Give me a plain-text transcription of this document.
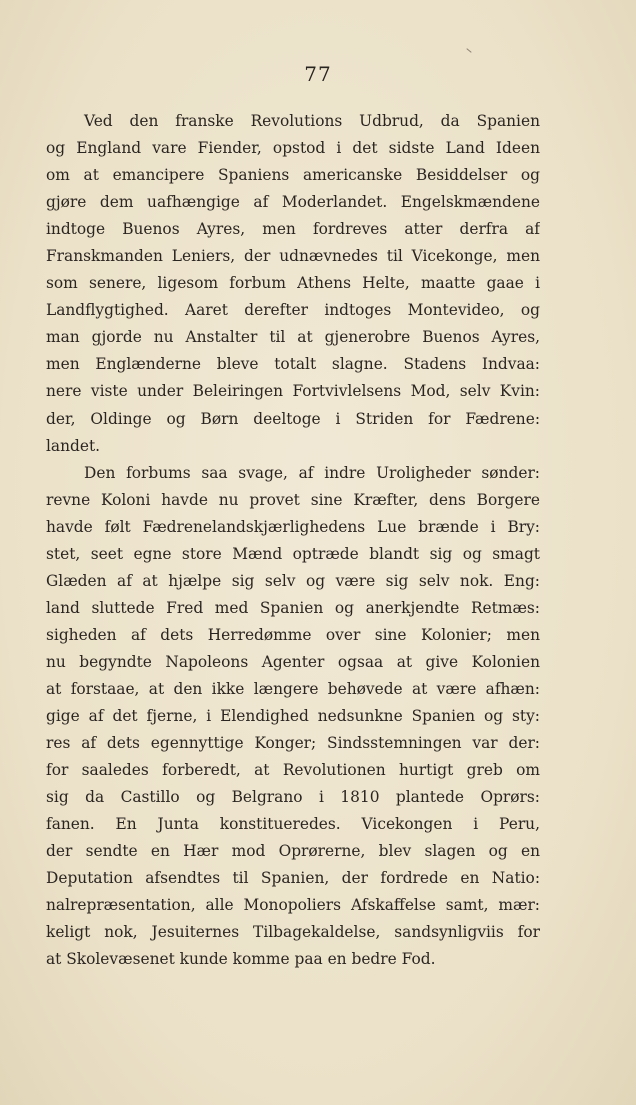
77
Ved den franske Revolutions Udbrud, da Spanien
og England vare Fiender, opstod i det sidste Land Ideen
om at emancipere Spaniens americanske Besiddelser og
gjøre dem uafhængige af Moderlandet. Engelskmændene
indtoge Buenos Ayres, men fordreves atter derfra af
Franskmanden Leniers, der udnævnedes til Vicekonge, men
som senere, ligesom forbum Athens Helte, maatte gaae i
Landflygtighed. Aaret derefter indtoges Montevideo, og
man gjorde nu Anstalter til at gjenerobre Buenos Ayres,
men Englænderne bleve totalt slagne. Stadens Indvaa:
nere viste under Beleiringen Fortvivlelsens Mod, selv Kvin:
der, Oldinge og Børn deeltoge i Striden for Fædrene:
landet.
Den forbums saa svage, af indre Uroligheder sønder:
revne Koloni havde nu provet sine Kræfter, dens Borgere
havde følt Fædrenelandskjærlighedens Lue brænde i Bry:
stet, seet egne store Mænd optræde blandt sig og smagt
Glæden af at hjælpe sig selv og være sig selv nok. Eng:
land sluttede Fred med Spanien og anerkjendte Retmæs:
sigheden af dets Herredømme over sine Kolonier; men
nu begyndte Napoleons Agenter ogsaa at give Kolonien
at forstaae, at den ikke længere behøvede at være afhæn:
gige af det fjerne, i Elendighed nedsunkne Spanien og sty:
res af dets egennyttige Konger; Sindsstemningen var der:
for saaledes forberedt, at Revolutionen hurtigt greb om
sig da Castillo og Belgrano i 1810 plantede Oprørs:
fanen. En Junta konstitueredes. Vicekongen i Peru,
der sendte en Hær mod Oprørerne, blev slagen og en
Deputation afsendtes til Spanien, der fordrede en Natio:
nalrepræsentation, alle Monopoliers Afskaffelse samt, mær:
keligt nok, Jesuiternes Tilbagekaldelse, sandsynligviis for
at Skolevæsenet kunde komme paa en bedre Fod.
